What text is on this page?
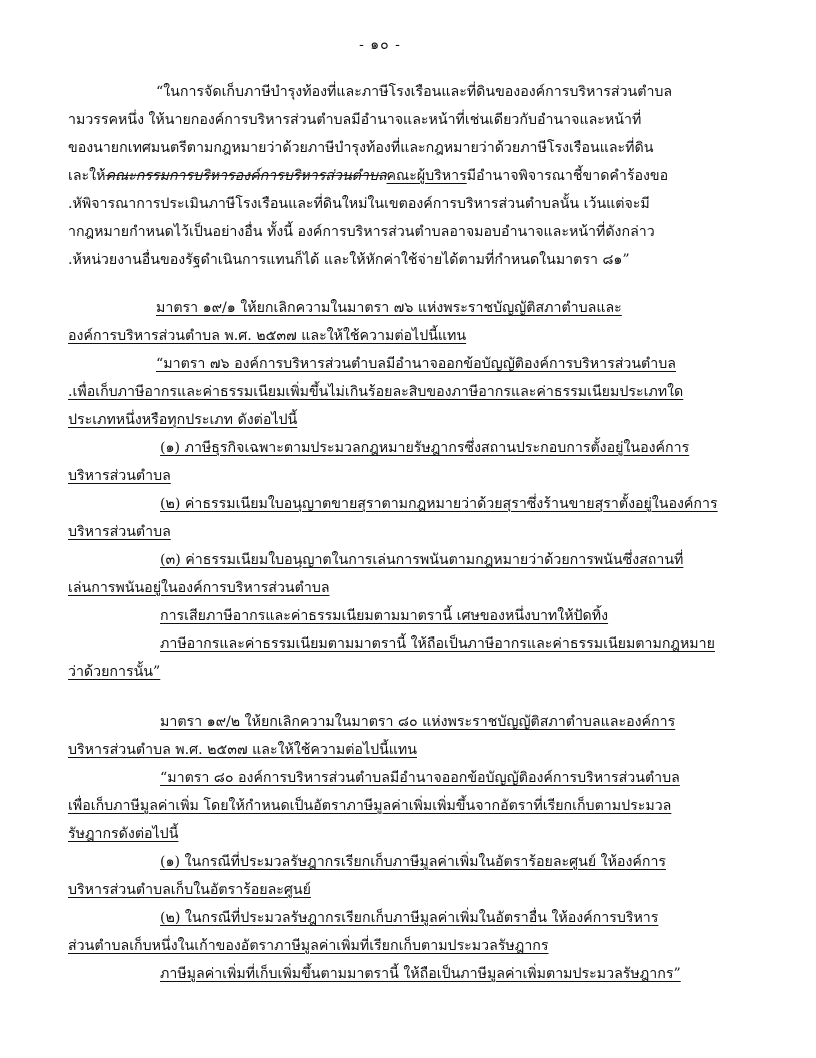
- ๑๐ -
“ในการจัดเก็บภาษีบำรุงท้องที่และภาษีโรงเรือนและที่ดินขององค์การบริหารส่วนตำบล
ามวรรคหนึ่ง ให้นายกองค์การบริหารส่วนตำบลมีอำนาจและหน้าที่เช่นเดียวกับอำนาจและหน้าที่
ของนายกเทศมนตรีตามกฎหมายว่าด้วยภาษีบำรุงท้องที่และกฎหมายว่าด้วยภาษีโรงเรือนและที่ดิน
เละให้คณะกรรมการบริหารองค์การบริหารส่วนตำบลคณะผู้บริหารมีอำนาจพิจารณาชี้ขาดคำร้องขอ
.หัพิจารณาการประเมินภาษีโรงเรือนและที่ดินใหม่ในเขตองค์การบริหารส่วนตำบลนั้น เว้นแต่จะมี
ากฎหมายกำหนดไว้เป็นอย่างอื่น ทั้งนี้ องค์การบริหารส่วนตำบลอาจมอบอำนาจและหน้าที่ดังกล่าว
.ห้หน่วยงานอื่นของรัฐดำเนินการแทนก็ได้ และให้หักค่าใช้จ่ายได้ตามที่กำหนดในมาตรา ๘๑”
มาตรา ๑๙/๑ ให้ยกเลิกความในมาตรา ๗๖ แห่งพระราชบัญญัติสภาตำบลและ
องค์การบริหารส่วนตำบล พ.ศ. ๒๕๓๗ และให้ใช้ความต่อไปนี้แทน
“มาตรา ๗๖ องค์การบริหารส่วนตำบลมีอำนาจออกข้อบัญญัติองค์การบริหารส่วนตำบล
.เพื่อเก็บภาษีอากรและค่าธรรมเนียมเพิ่มขึ้นไม่เกินร้อยละสิบของภาษีอากรและค่าธรรมเนียมประเภทใด
ประเภทหนึ่งหรือทุกประเภท ดังต่อไปนี้
(๑) ภาษีธุรกิจเฉพาะตามประมวลกฎหมายรัษฎากรซึ่งสถานประกอบการตั้งอยู่ในองค์การ
บริหารส่วนตำบล
(๒) ค่าธรรมเนียมใบอนุญาตขายสุราตามกฎหมายว่าด้วยสุราซึ่งร้านขายสุราตั้งอยู่ในองค์การ
บริหารส่วนตำบล
(๓) ค่าธรรมเนียมใบอนุญาตในการเล่นการพนันตามกฎหมายว่าด้วยการพนันซึ่งสถานที่
เล่นการพนันอยู่ในองค์การบริหารส่วนตำบล
การเสียภาษีอากรและค่าธรรมเนียมตามมาตรานี้ เศษของหนึ่งบาทให้ปัดทิ้ง
ภาษีอากรและค่าธรรมเนียมตามมาตรานี้ ให้ถือเป็นภาษีอากรและค่าธรรมเนียมตามกฎหมาย
ว่าด้วยการนั้น”
มาตรา ๑๙/๒ ให้ยกเลิกความในมาตรา ๘๐ แห่งพระราชบัญญัติสภาตำบลและองค์การ
บริหารส่วนตำบล พ.ศ. ๒๕๓๗ และให้ใช้ความต่อไปนี้แทน
“มาตรา ๘๐ องค์การบริหารส่วนตำบลมีอำนาจออกข้อบัญญัติองค์การบริหารส่วนตำบล
เพื่อเก็บภาษีมูลค่าเพิ่ม โดยให้กำหนดเป็นอัตราภาษีมูลค่าเพิ่มเพิ่มขึ้นจากอัตราที่เรียกเก็บตามประมวล
รัษฎากรดังต่อไปนี้
(๑) ในกรณีที่ประมวลรัษฎากรเรียกเก็บภาษีมูลค่าเพิ่มในอัตราร้อยละศูนย์ ให้องค์การ
บริหารส่วนตำบลเก็บในอัตราร้อยละศูนย์
(๒) ในกรณีที่ประมวลรัษฎากรเรียกเก็บภาษีมูลค่าเพิ่มในอัตราอื่น ให้องค์การบริหาร
ส่วนตำบลเก็บหนึ่งในเก้าของอัตราภาษีมูลค่าเพิ่มที่เรียกเก็บตามประมวลรัษฎากร
ภาษีมูลค่าเพิ่มที่เก็บเพิ่มขึ้นตามมาตรานี้ ให้ถือเป็นภาษีมูลค่าเพิ่มตามประมวลรัษฎากร”
